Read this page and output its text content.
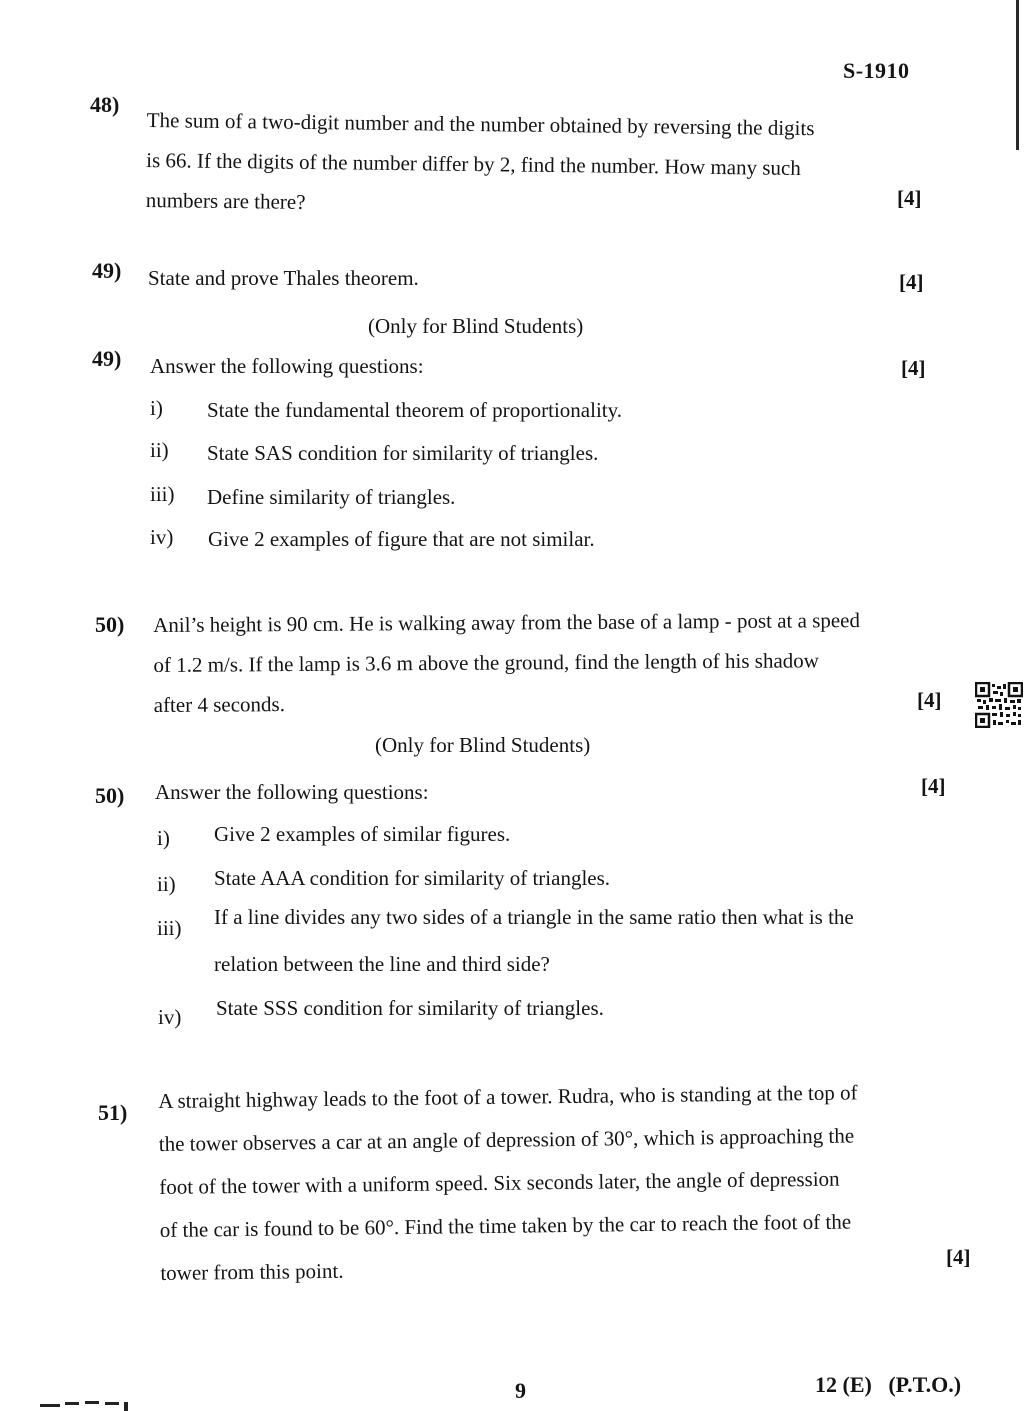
S-1910
48)
The sum of a two-digit number and the number obtained by reversing the digits
is 66. If the digits of the number differ by 2, find the number. How many such
numbers are there?	[4]
49) State and prove Thales theorem.	[4]
(Only for Blind Students)
49) Answer the following questions:	[4]
i) State the fundamental theorem of proportionality.
ii) State SAS condition for similarity of triangles.
iii) Define similarity of triangles.
iv) Give 2 examples of figure that are not similar.
50) Anil’s height is 90 cm. He is walking away from the base of a lamp - post at a speed
of 1.2 m/s. If the lamp is 3.6 m above the ground, find the length of his shadow
after 4 seconds.	[4]
(Only for Blind Students)
50) Answer the following questions:	[4]
i) Give 2 examples of similar figures.
ii) State AAA condition for similarity of triangles.
iii) If a line divides any two sides of a triangle in the same ratio then what is the
relation between the line and third side?
iv) State SSS condition for similarity of triangles.
51) A straight highway leads to the foot of a tower. Rudra, who is standing at the top of
the tower observes a car at an angle of depression of 30°, which is approaching the
foot of the tower with a uniform speed. Six seconds later, the angle of depression
of the car is found to be 60°. Find the time taken by the car to reach the foot of the
tower from this point.
[4]
9	12 (E)   (P.T.O.)
